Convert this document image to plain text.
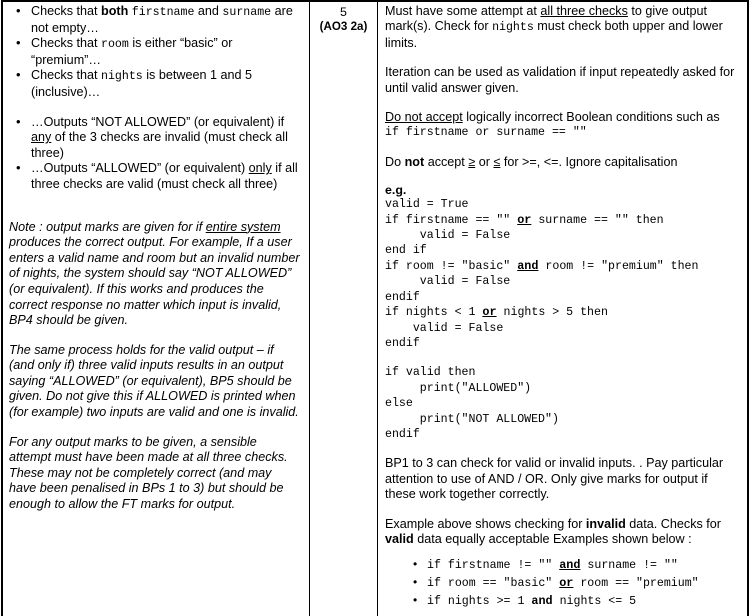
• Checks that both firstname and surname are not empty…
• Checks that room is either “basic” or “premium”…
• Checks that nights is between 1 and 5 (inclusive)…
• …Outputs “NOT ALLOWED” (or equivalent) if any of the 3 checks are invalid (must check all three)
• …Outputs “ALLOWED” (or equivalent) only if all three checks are valid (must check all three)

Note : output marks are given for if entire system produces the correct output. For example, If a user enters a valid name and room but an invalid number of nights, the system should say “NOT ALLOWED” (or equivalent). If this works and produces the correct response no matter which input is invalid, BP4 should be given.

The same process holds for the valid output – if (and only if) three valid inputs results in an output saying “ALLOWED” (or equivalent), BP5 should be given. Do not give this if ALLOWED is printed when (for example) two inputs are valid and one is invalid.

For any output marks to be given, a sensible attempt must have been made at all three checks. These may not be completely correct (and may have been penalised in BPs 1 to 3) but should be enough to allow the FT marks for output.

5
(AO3 2a)

Must have some attempt at all three checks to give output mark(s). Check for nights must check both upper and lower limits.

Iteration can be used as validation if input repeatedly asked for until valid answer given.

Do not accept logically incorrect Boolean conditions such as

if firstname or surname == ""

Do not accept ≥ or ≤ for >=, <=. Ignore capitalisation

e.g.
valid = True
if firstname == "" or surname == "" then
valid = False
end if
if room != "basic" and room != "premium" then
valid = False
endif
if nights < 1 or nights > 5 then
valid = False
endif
if valid then
print("ALLOWED")
else
print("NOT ALLOWED")
endif

BP1 to 3 can check for valid or invalid inputs. . Pay particular attention to use of AND / OR. Only give marks for output if these work together correctly.

Example above shows checking for invalid data. Checks for valid data equally acceptable Examples shown below :

• if firstname != "" and surname != ""
• if room == "basic" or room == "premium"
• if nights >= 1 and nights <= 5
